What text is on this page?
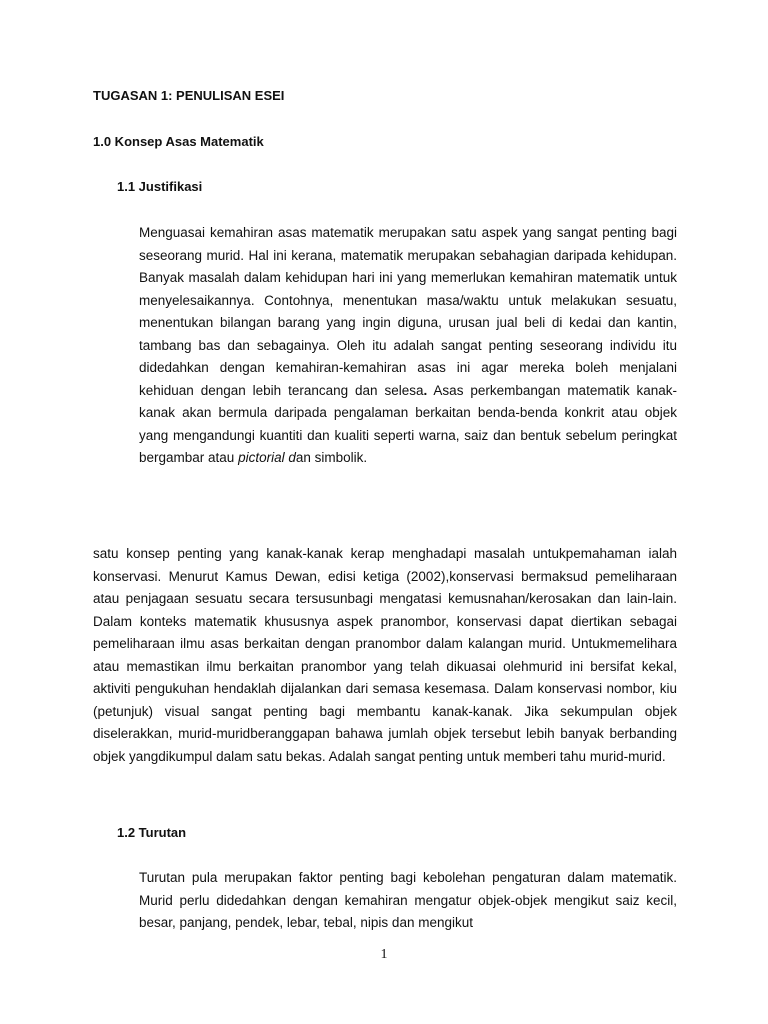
TUGASAN 1: PENULISAN ESEI

1.0 Konsep Asas Matematik

1.1 Justifikasi

Menguasai kemahiran asas matematik merupakan satu aspek yang sangat penting bagi seseorang murid. Hal ini kerana, matematik merupakan sebahagian daripada kehidupan. Banyak masalah dalam kehidupan hari ini yang memerlukan kemahiran matematik untuk menyelesaikannya. Contohnya, menentukan masa/waktu untuk melakukan sesuatu, menentukan bilangan barang yang ingin diguna, urusan jual beli di kedai dan kantin, tambang bas dan sebagainya. Oleh itu adalah sangat penting seseorang individu itu didedahkan dengan kemahiran-kemahiran asas ini agar mereka boleh menjalani kehiduan dengan lebih terancang dan selesa. Asas perkembangan matematik kanak-kanak akan bermula daripada pengalaman berkaitan benda-benda konkrit atau objek yang mengandungi kuantiti dan kualiti seperti warna, saiz dan bentuk sebelum peringkat bergambar atau pictorial dan simbolik.

satu konsep penting yang kanak-kanak kerap menghadapi masalah untukpemahaman ialah konservasi. Menurut Kamus Dewan, edisi ketiga (2002),konservasi bermaksud pemeliharaan atau penjagaan sesuatu secara tersusunbagi mengatasi kemusnahan/kerosakan dan lain-lain. Dalam konteks matematik khususnya aspek pranombor, konservasi dapat diertikan sebagai pemeliharaan ilmu asas berkaitan dengan pranombor dalam kalangan murid. Untukmemelihara atau memastikan ilmu berkaitan pranombor yang telah dikuasai olehmurid ini bersifat kekal, aktiviti pengukuhan hendaklah dijalankan dari semasa kesemasa. Dalam konservasi nombor, kiu (petunjuk) visual sangat penting bagi membantu kanak-kanak. Jika sekumpulan objek diselerakkan, murid-muridberanggapan bahawa jumlah objek tersebut lebih banyak berbanding objek yangdikumpul dalam satu bekas. Adalah sangat penting untuk memberi tahu murid-murid.

1.2 Turutan

Turutan pula merupakan faktor penting bagi kebolehan pengaturan dalam matematik. Murid perlu didedahkan dengan kemahiran mengatur objek-objek mengikut saiz kecil, besar, panjang, pendek, lebar, tebal, nipis dan mengikut

1
